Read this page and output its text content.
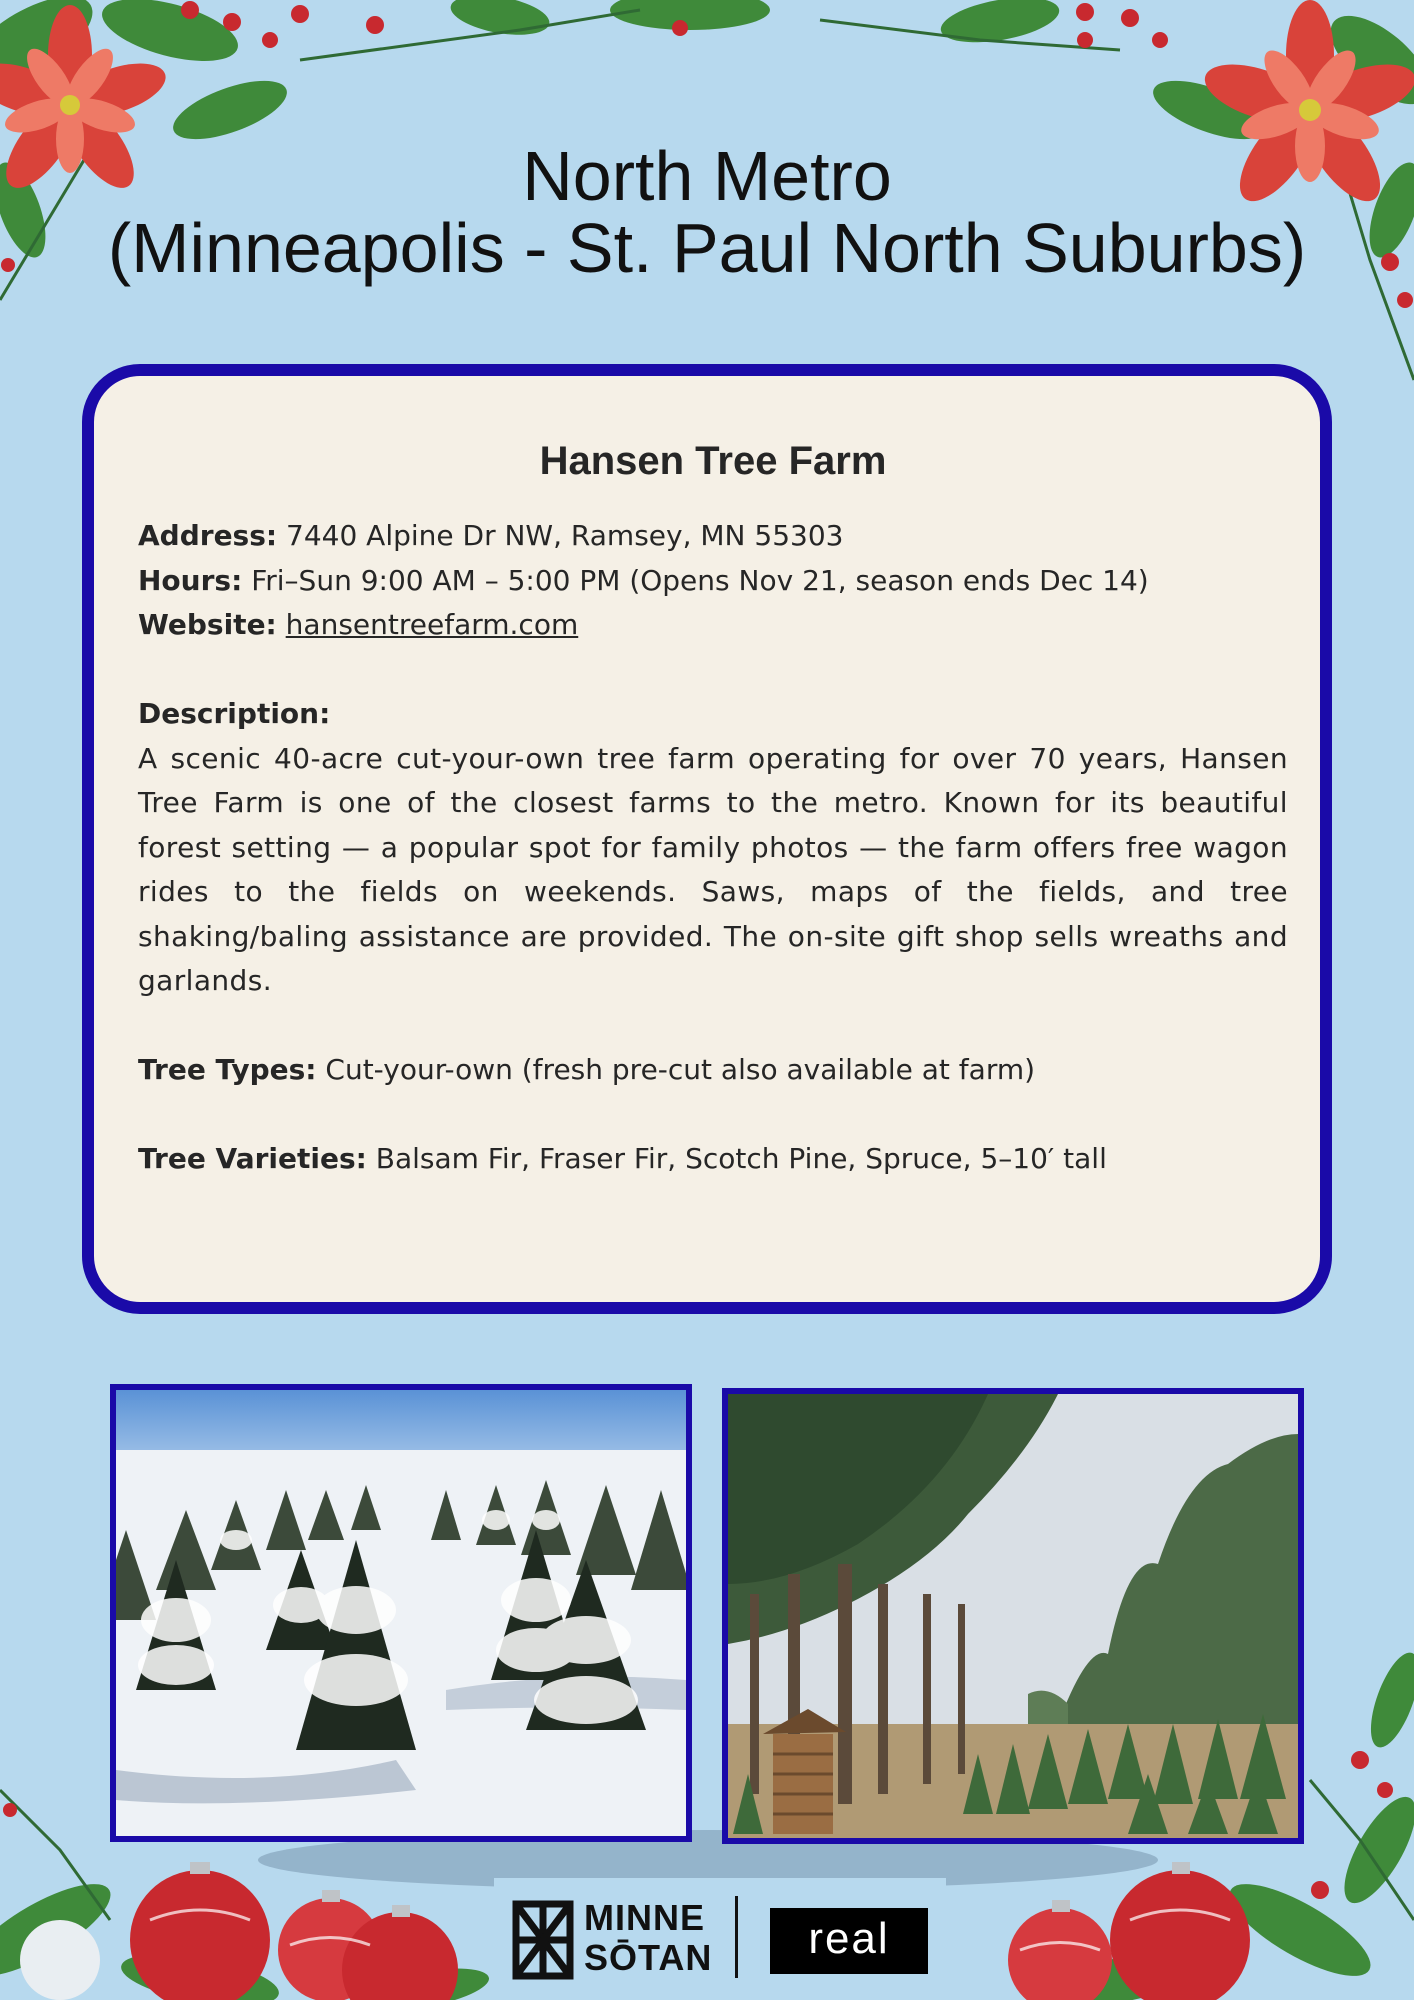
North Metro
(Minneapolis - St. Paul North Suburbs)
Hansen Tree Farm
Address: 7440 Alpine Dr NW, Ramsey, MN 55303
Hours: Fri–Sun 9:00 AM – 5:00 PM (Opens Nov 21, season ends Dec 14)
Website: hansentreefarm.com
Description:
A scenic 40-acre cut-your-own tree farm operating for over 70 years, Hansen Tree Farm is one of the closest farms to the metro. Known for its beautiful forest setting — a popular spot for family photos — the farm offers free wagon rides to the fields on weekends. Saws, maps of the fields, and tree shaking/baling assistance are provided. The on-site gift shop sells wreaths and garlands.
Tree Types: Cut-your-own (fresh pre-cut also available at farm)
Tree Varieties: Balsam Fir, Fraser Fir, Scotch Pine, Spruce, 5–10′ tall
MINNE
SŌTAN	real
